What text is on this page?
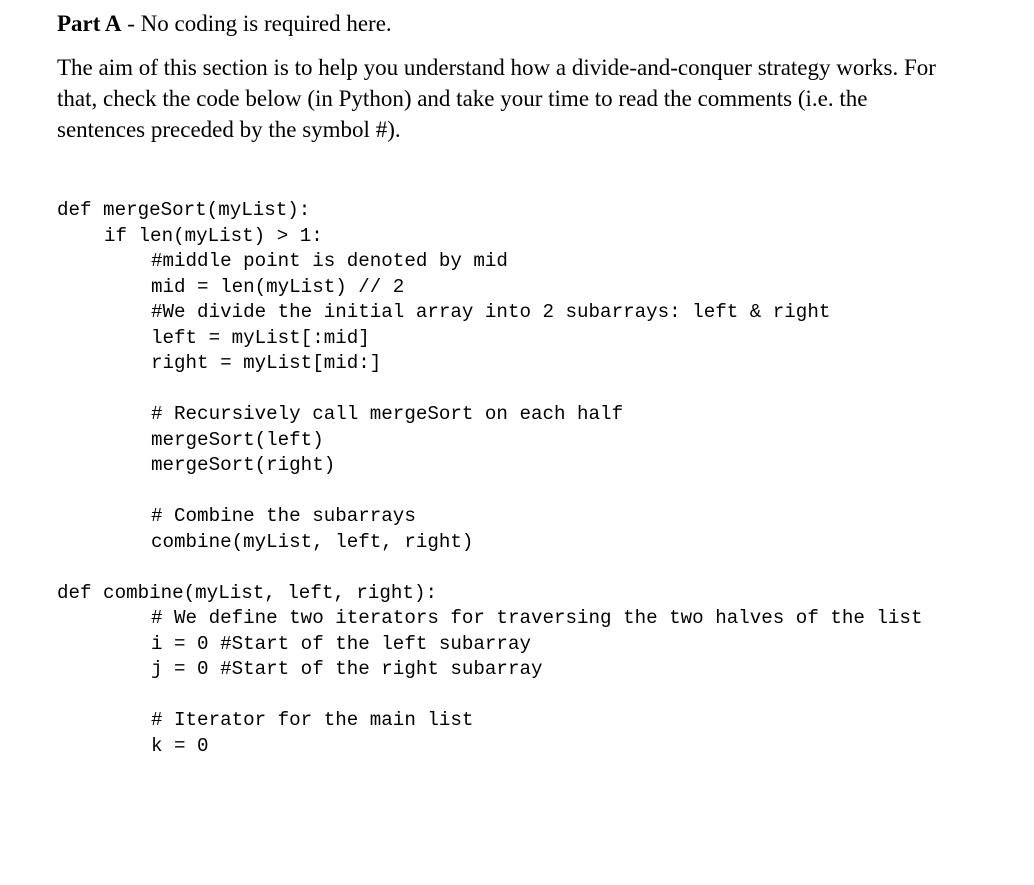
Part A - No coding is required here.
The aim of this section is to help you understand how a divide-and-conquer strategy works. For
that, check the code below (in Python) and take your time to read the comments (i.e. the
sentences preceded by the symbol #).
def mergeSort(myList):
if len(myList) > 1:
#middle point is denoted by mid
mid = len(myList) // 2
#We divide the initial array into 2 subarrays: left & right
left = myList[:mid]
right = myList[mid:]
# Recursively call mergeSort on each half
mergeSort(left)
mergeSort(right)
# Combine the subarrays
combine(myList, left, right)
def combine(myList, left, right):
# We define two iterators for traversing the two halves of the list
i = 0 #Start of the left subarray
j = 0 #Start of the right subarray
# Iterator for the main list
k = 0
